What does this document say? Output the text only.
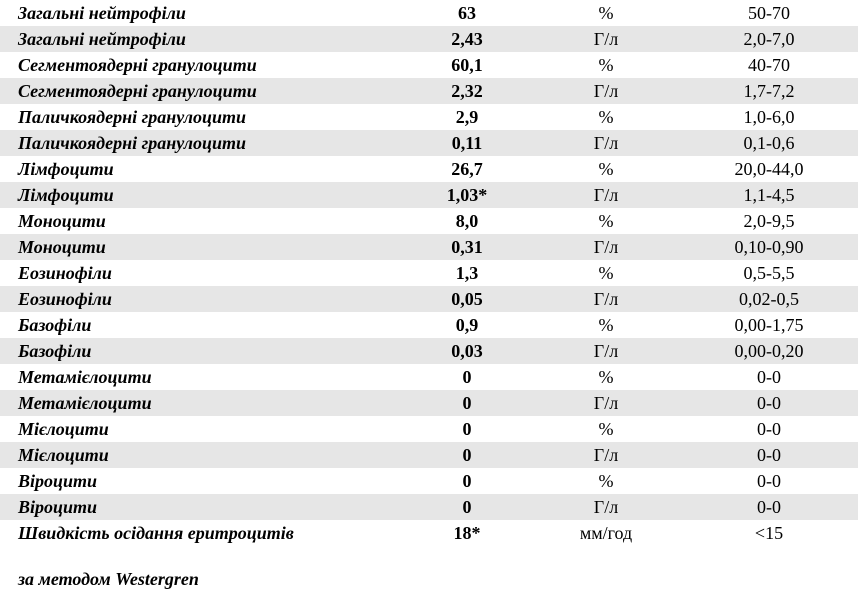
Загальні нейтрофіли	63	%	50-70
Загальні нейтрофіли	2,43	Г/л	2,0-7,0
Сегментоядерні гранулоцити	60,1	%	40-70
Сегментоядерні гранулоцити	2,32	Г/л	1,7-7,2
Паличкоядерні гранулоцити	2,9	%	1,0-6,0
Паличкоядерні гранулоцити	0,11	Г/л	0,1-0,6
Лімфоцити	26,7	%	20,0-44,0
Лімфоцити	1,03*	Г/л	1,1-4,5
Моноцити	8,0	%	2,0-9,5
Моноцити	0,31	Г/л	0,10-0,90
Еозинофіли	1,3	%	0,5-5,5
Еозинофіли	0,05	Г/л	0,02-0,5
Базофіли	0,9	%	0,00-1,75
Базофіли	0,03	Г/л	0,00-0,20
Метамієлоцити	0	%	0-0
Метамієлоцити	0	Г/л	0-0
Мієлоцити	0	%	0-0
Мієлоцити	0	Г/л	0-0
Віроцити	0	%	0-0
Віроцити	0	Г/л	0-0
Швидкість осідання еритроцитів	18*	мм/год	<15
за методом Westergren
